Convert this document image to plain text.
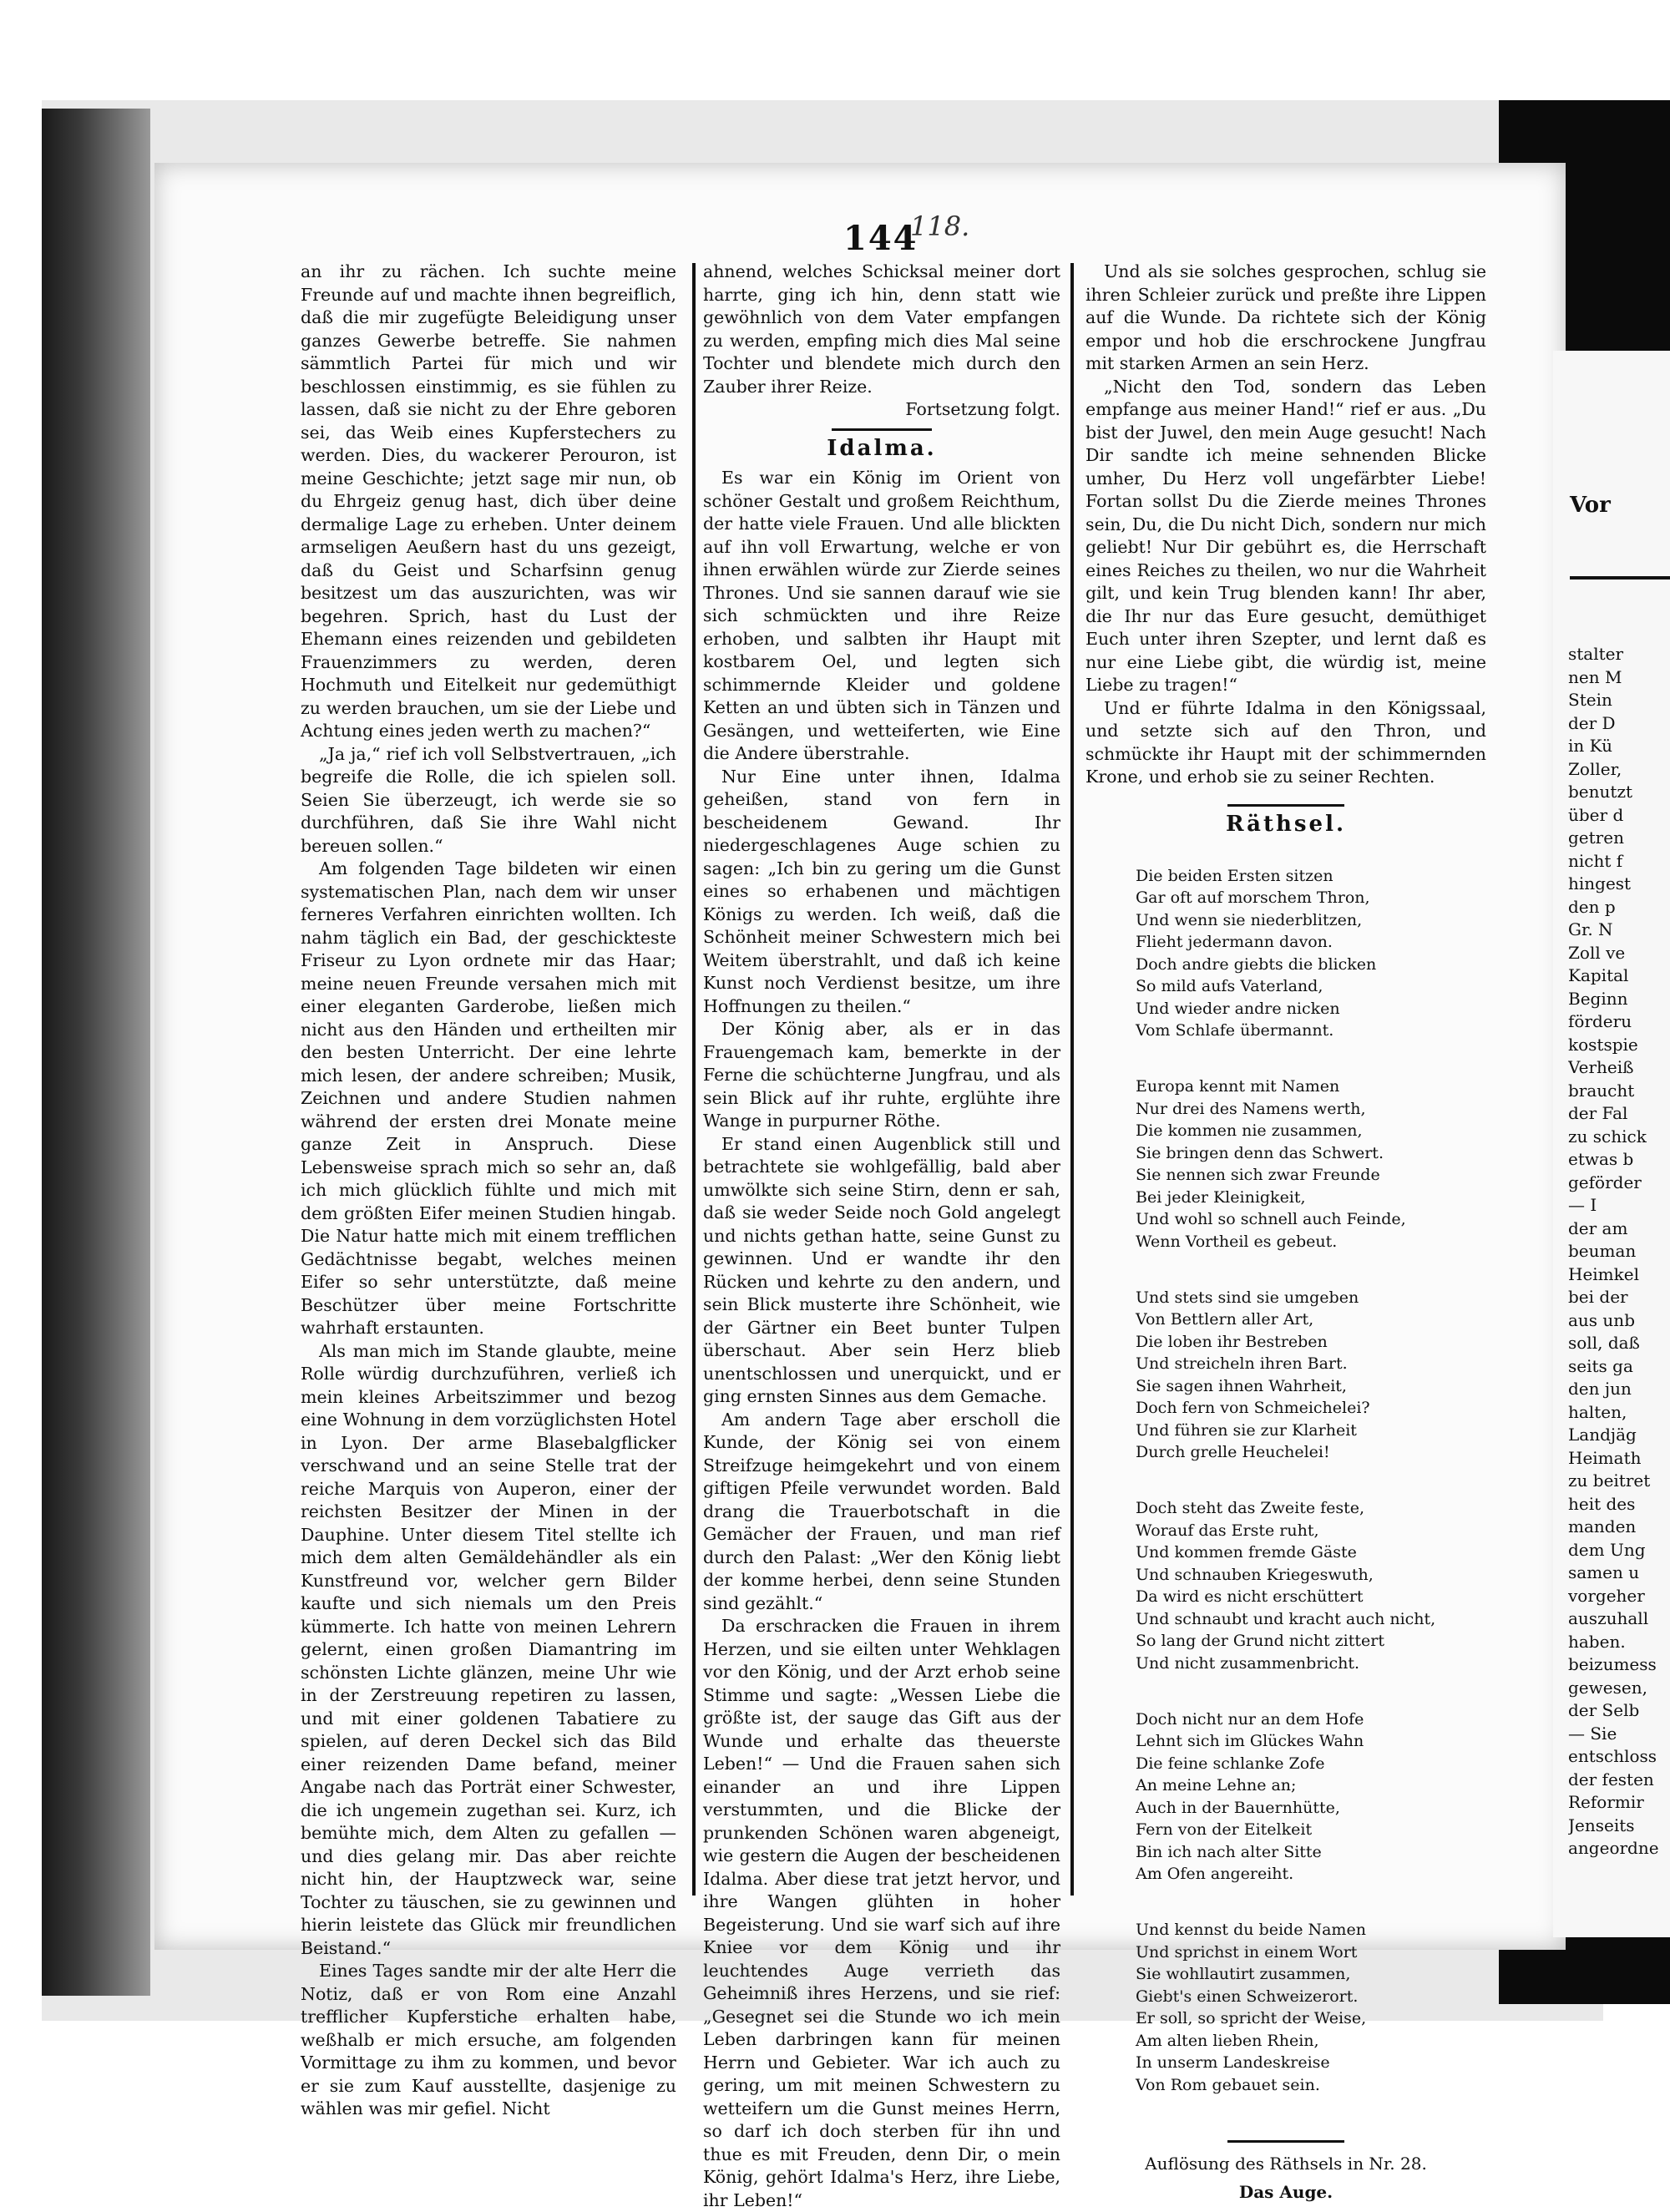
144
118.

an ihr zu rächen. Ich suchte meine Freunde auf und machte ihnen begreiflich, daß die mir zugefügte Beleidigung unser ganzes Gewerbe betreffe. Sie nahmen sämmtlich Partei für mich und wir beschlossen einstimmig, es sie fühlen zu lassen, daß sie nicht zu der Ehre geboren sei, das Weib eines Kupferstechers zu werden. Dies, du wackerer Perouron, ist meine Geschichte; jetzt sage mir nun, ob du Ehrgeiz genug hast, dich über deine dermalige Lage zu erheben. Unter deinem armseligen Aeußern hast du uns gezeigt, daß du Geist und Scharfsinn genug besitzest um das auszurichten, was wir begehren. Sprich, hast du Lust der Ehemann eines reizenden und gebildeten Frauenzimmers zu werden, deren Hochmuth und Eitelkeit nur gedemüthigt zu werden brauchen, um sie der Liebe und Achtung eines jeden werth zu machen?“

„Ja ja,“ rief ich voll Selbstvertrauen, „ich begreife die Rolle, die ich spielen soll. Seien Sie überzeugt, ich werde sie so durchführen, daß Sie ihre Wahl nicht bereuen sollen.“

Am folgenden Tage bildeten wir einen systematischen Plan, nach dem wir unser ferneres Verfahren einrichten wollten. Ich nahm täglich ein Bad, der geschickteste Friseur zu Lyon ordnete mir das Haar; meine neuen Freunde versahen mich mit einer eleganten Garderobe, ließen mich nicht aus den Händen und ertheilten mir den besten Unterricht. Der eine lehrte mich lesen, der andere schreiben; Musik, Zeichnen und andere Studien nahmen während der ersten drei Monate meine ganze Zeit in Anspruch. Diese Lebensweise sprach mich so sehr an, daß ich mich glücklich fühlte und mich mit dem größten Eifer meinen Studien hingab. Die Natur hatte mich mit einem trefflichen Gedächtnisse begabt, welches meinen Eifer so sehr unterstützte, daß meine Beschützer über meine Fortschritte wahrhaft erstaunten.

Als man mich im Stande glaubte, meine Rolle würdig durchzuführen, verließ ich mein kleines Arbeitszimmer und bezog eine Wohnung in dem vorzüglichsten Hotel in Lyon. Der arme Blasebalgflicker verschwand und an seine Stelle trat der reiche Marquis von Auperon, einer der reichsten Besitzer der Minen in der Dauphine. Unter diesem Titel stellte ich mich dem alten Gemäldehändler als ein Kunstfreund vor, welcher gern Bilder kaufte und sich niemals um den Preis kümmerte. Ich hatte von meinen Lehrern gelernt, einen großen Diamantring im schönsten Lichte glänzen, meine Uhr wie in der Zerstreuung repetiren zu lassen, und mit einer goldenen Tabatiere zu spielen, auf deren Deckel sich das Bild einer reizenden Dame befand, meiner Angabe nach das Porträt einer Schwester, die ich ungemein zugethan sei. Kurz, ich bemühte mich, dem Alten zu gefallen — und dies gelang mir. Das aber reichte nicht hin, der Hauptzweck war, seine Tochter zu täuschen, sie zu gewinnen und hierin leistete das Glück mir freundlichen Beistand.“

Eines Tages sandte mir der alte Herr die Notiz, daß er von Rom eine Anzahl trefflicher Kupferstiche erhalten habe, weßhalb er mich ersuche, am folgenden Vormittage zu ihm zu kommen, und bevor er sie zum Kauf ausstellte, dasjenige zu wählen was mir gefiel. Nicht

ahnend, welches Schicksal meiner dort harrte, ging ich hin, denn statt wie gewöhnlich von dem Vater empfangen zu werden, empfing mich dies Mal seine Tochter und blendete mich durch den Zauber ihrer Reize.

Fortsetzung folgt.

Idalma.

Es war ein König im Orient von schöner Gestalt und großem Reichthum, der hatte viele Frauen. Und alle blickten auf ihn voll Erwartung, welche er von ihnen erwählen würde zur Zierde seines Thrones. Und sie sannen darauf wie sie sich schmückten und ihre Reize erhoben, und salbten ihr Haupt mit kostbarem Oel, und legten sich schimmernde Kleider und goldene Ketten an und übten sich in Tänzen und Gesängen, und wetteiferten, wie Eine die Andere überstrahle.

Nur Eine unter ihnen, Idalma geheißen, stand von fern in bescheidenem Gewand. Ihr niedergeschlagenes Auge schien zu sagen: „Ich bin zu gering um die Gunst eines so erhabenen und mächtigen Königs zu werden. Ich weiß, daß die Schönheit meiner Schwestern mich bei Weitem überstrahlt, und daß ich keine Kunst noch Verdienst besitze, um ihre Hoffnungen zu theilen.“

Der König aber, als er in das Frauengemach kam, bemerkte in der Ferne die schüchterne Jungfrau, und als sein Blick auf ihr ruhte, erglühte ihre Wange in purpurner Röthe.

Er stand einen Augenblick still und betrachtete sie wohlgefällig, bald aber umwölkte sich seine Stirn, denn er sah, daß sie weder Seide noch Gold angelegt und nichts gethan hatte, seine Gunst zu gewinnen. Und er wandte ihr den Rücken und kehrte zu den andern, und sein Blick musterte ihre Schönheit, wie der Gärtner ein Beet bunter Tulpen überschaut. Aber sein Herz blieb unentschlossen und unerquickt, und er ging ernsten Sinnes aus dem Gemache.

Am andern Tage aber erscholl die Kunde, der König sei von einem Streifzuge heimgekehrt und von einem giftigen Pfeile verwundet worden. Bald drang die Trauerbotschaft in die Gemächer der Frauen, und man rief durch den Palast: „Wer den König liebt der komme herbei, denn seine Stunden sind gezählt.“

Da erschracken die Frauen in ihrem Herzen, und sie eilten unter Wehklagen vor den König, und der Arzt erhob seine Stimme und sagte: „Wessen Liebe die größte ist, der sauge das Gift aus der Wunde und erhalte das theuerste Leben!“ — Und die Frauen sahen sich einander an und ihre Lippen verstummten, und die Blicke der prunkenden Schönen waren abgeneigt, wie gestern die Augen der bescheidenen Idalma. Aber diese trat jetzt hervor, und ihre Wangen glühten in hoher Begeisterung. Und sie warf sich auf ihre Kniee vor dem König und ihr leuchtendes Auge verrieth das Geheimniß ihres Herzens, und sie rief: „Gesegnet sei die Stunde wo ich mein Leben darbringen kann für meinen Herrn und Gebieter. War ich auch zu gering, um mit meinen Schwestern zu wetteifern um die Gunst meines Herrn, so darf ich doch sterben für ihn und thue es mit Freuden, denn Dir, o mein König, gehört Idalma's Herz, ihre Liebe, ihr Leben!“

Und als sie solches gesprochen, schlug sie ihren Schleier zurück und preßte ihre Lippen auf die Wunde. Da richtete sich der König empor und hob die erschrockene Jungfrau mit starken Armen an sein Herz.

„Nicht den Tod, sondern das Leben empfange aus meiner Hand!“ rief er aus. „Du bist der Juwel, den mein Auge gesucht! Nach Dir sandte ich meine sehnenden Blicke umher, Du Herz voll ungefärbter Liebe! Fortan sollst Du die Zierde meines Thrones sein, Du, die Du nicht Dich, sondern nur mich geliebt! Nur Dir gebührt es, die Herrschaft eines Reiches zu theilen, wo nur die Wahrheit gilt, und kein Trug blenden kann! Ihr aber, die Ihr nur das Eure gesucht, demüthiget Euch unter ihren Szepter, und lernt daß es nur eine Liebe gibt, die würdig ist, meine Liebe zu tragen!“

Und er führte Idalma in den Königssaal, und setzte sich auf den Thron, und schmückte ihr Haupt mit der schimmernden Krone, und erhob sie zu seiner Rechten.

Räthsel.

Die beiden Ersten sitzen
Gar oft auf morschem Thron,
Und wenn sie niederblitzen,
Flieht jedermann davon.
Doch andre giebts die blicken
So mild aufs Vaterland,
Und wieder andre nicken
Vom Schlafe übermannt.

Europa kennt mit Namen
Nur drei des Namens werth,
Die kommen nie zusammen,
Sie bringen denn das Schwert.
Sie nennen sich zwar Freunde
Bei jeder Kleinigkeit,
Und wohl so schnell auch Feinde,
Wenn Vortheil es gebeut.

Und stets sind sie umgeben
Von Bettlern aller Art,
Die loben ihr Bestreben
Und streicheln ihren Bart.
Sie sagen ihnen Wahrheit,
Doch fern von Schmeichelei?
Und führen sie zur Klarheit
Durch grelle Heuchelei!

Doch steht das Zweite feste,
Worauf das Erste ruht,
Und kommen fremde Gäste
Und schnauben Kriegeswuth,
Da wird es nicht erschüttert
Und schnaubt und kracht auch nicht,
So lang der Grund nicht zittert
Und nicht zusammenbricht.

Doch nicht nur an dem Hofe
Lehnt sich im Glückes Wahn
Die feine schlanke Zofe
An meine Lehne an;
Auch in der Bauernhütte,
Fern von der Eitelkeit
Bin ich nach alter Sitte
Am Ofen angereiht.

Und kennst du beide Namen
Und sprichst in einem Wort
Sie wohllautirt zusammen,
Giebt's einen Schweizerort.
Er soll, so spricht der Weise,
Am alten lieben Rhein,
In unserm Landeskreise
Von Rom gebauet sein.

Auflösung des Räthsels in Nr. 28.
Das Auge.
Vor
stalter
nen M
Stein
der D
in Kü
Zoller,
benutzt
über d
getren
nicht f
hingest
den p
Gr. N
Zoll ve
Kapital
Beginn
förderu
kostspie
Verheiß
braucht
der Fal
zu schick
etwas b
geförder
— I
der am
beuman
Heimkel
bei der
aus unb
soll, daß
seits ga
den jun
halten,
Landjäg
Heimath
zu beitret
heit des
manden
dem Ung
samen u
vorgeher
auszuhall
haben.
beizumess
gewesen,
der Selb
— Sie
entschloss
der festen
Reformir
Jenseits
angeordne
